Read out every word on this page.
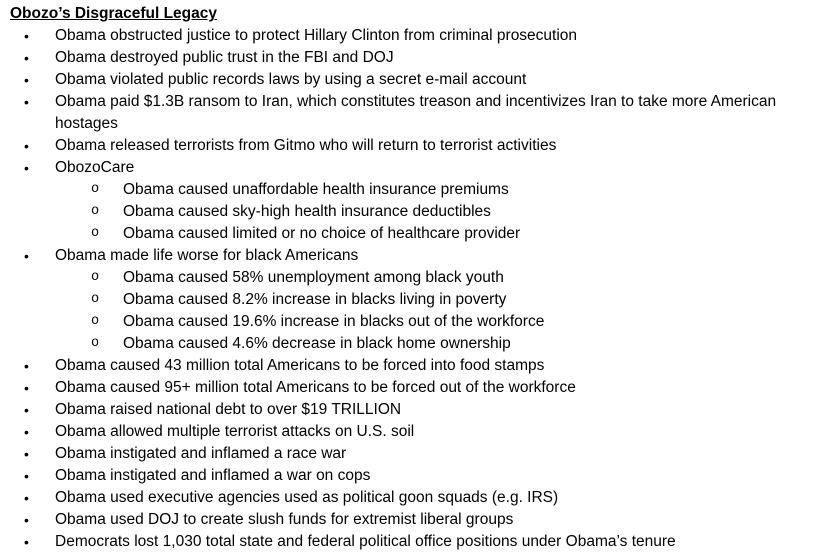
Obozo’s Disgraceful Legacy
• Obama obstructed justice to protect Hillary Clinton from criminal prosecution
• Obama destroyed public trust in the FBI and DOJ
• Obama violated public records laws by using a secret e-mail account
• Obama paid $1.3B ransom to Iran, which constitutes treason and incentivizes Iran to take more American hostages
• Obama released terrorists from Gitmo who will return to terrorist activities
• ObozoCare
o Obama caused unaffordable health insurance premiums
o Obama caused sky-high health insurance deductibles
o Obama caused limited or no choice of healthcare provider
• Obama made life worse for black Americans
o Obama caused 58% unemployment among black youth
o Obama caused 8.2% increase in blacks living in poverty
o Obama caused 19.6% increase in blacks out of the workforce
o Obama caused 4.6% decrease in black home ownership
• Obama caused 43 million total Americans to be forced into food stamps
• Obama caused 95+ million total Americans to be forced out of the workforce
• Obama raised national debt to over $19 TRILLION
• Obama allowed multiple terrorist attacks on U.S. soil
• Obama instigated and inflamed a race war
• Obama instigated and inflamed a war on cops
• Obama used executive agencies used as political goon squads (e.g. IRS)
• Obama used DOJ to create slush funds for extremist liberal groups
• Democrats lost 1,030 total state and federal political office positions under Obama’s tenure
